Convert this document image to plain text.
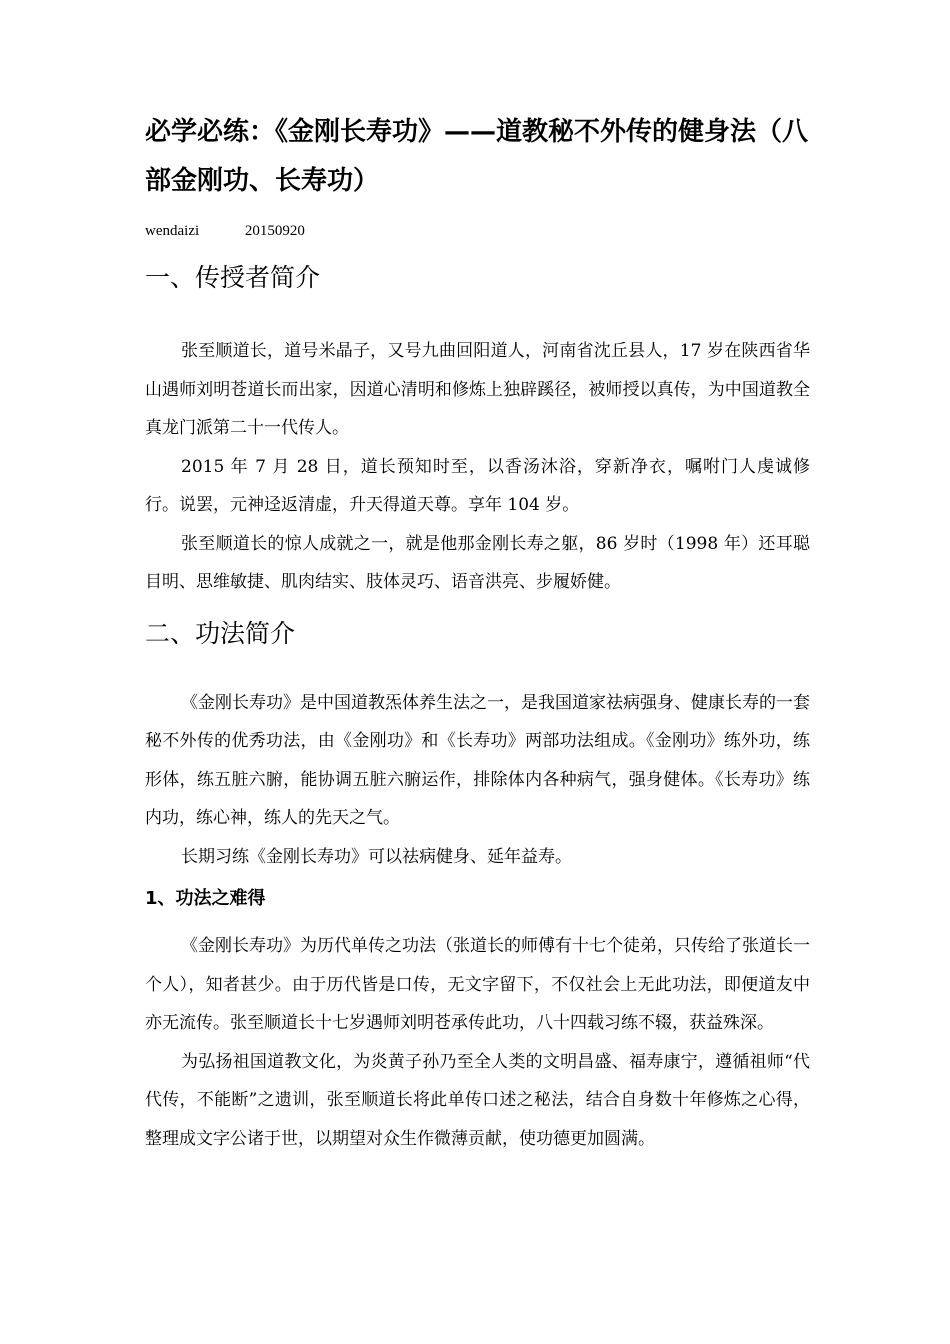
必学必练：《金刚长寿功》——道教秘不外传的健身法（八部金刚功、长寿功）
wendaizi	20150920
一、传授者简介

张至顺道长，道号米晶子，又号九曲回阳道人，河南省沈丘县人，17 岁在陕西省华山遇师刘明苍道长而出家，因道心清明和修炼上独辟蹊径，被师授以真传，为中国道教全真龙门派第二十一代传人。

2015 年 7 月 28 日，道长预知时至，以香汤沐浴，穿新净衣，嘱咐门人虔诚修行。说罢，元神迳返清虚，升天得道天尊。享年 104 岁。

张至顺道长的惊人成就之一，就是他那金刚长寿之躯，86 岁时（1998 年）还耳聪目明、思维敏捷、肌肉结实、肢体灵巧、语音洪亮、步履娇健。

二、功法简介

《金刚长寿功》是中国道教炁体养生法之一，是我国道家祛病强身、健康长寿的一套秘不外传的优秀功法，由《金刚功》和《长寿功》两部功法组成。《金刚功》练外功，练形体，练五脏六腑，能协调五脏六腑运作，排除体内各种病气，强身健体。《长寿功》练内功，练心神，练人的先天之气。

长期习练《金刚长寿功》可以祛病健身、延年益寿。

1、功法之难得

《金刚长寿功》为历代单传之功法（张道长的师傅有十七个徒弟，只传给了张道长一个人），知者甚少。由于历代皆是口传，无文字留下，不仅社会上无此功法，即便道友中亦无流传。张至顺道长十七岁遇师刘明苍承传此功，八十四载习练不辍，获益殊深。

为弘扬祖国道教文化，为炎黄子孙乃至全人类的文明昌盛、福寿康宁，遵循祖师“代代传，不能断”之遗训，张至顺道长将此单传口述之秘法，结合自身数十年修炼之心得，整理成文字公诸于世，以期望对众生作微薄贡献，使功德更加圆满。
